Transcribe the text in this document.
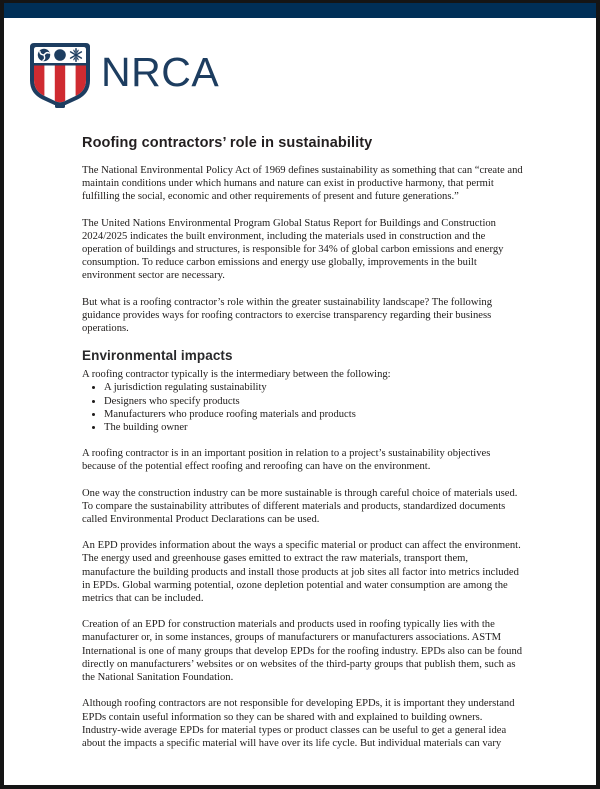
NRCA
Roofing contractors’ role in sustainability

The National Environmental Policy Act of 1969 defines sustainability as something that can “create and maintain conditions under which humans and nature can exist in productive harmony, that permit fulfilling the social, economic and other requirements of present and future generations.”

The United Nations Environmental Program Global Status Report for Buildings and Construction 2024/2025 indicates the built environment, including the materials used in construction and the operation of buildings and structures, is responsible for 34% of global carbon emissions and energy consumption. To reduce carbon emissions and energy use globally, improvements in the built environment sector are necessary.

But what is a roofing contractor’s role within the greater sustainability landscape? The following guidance provides ways for roofing contractors to exercise transparency regarding their business operations.

Environmental impacts

A roofing contractor typically is the intermediary between the following:

• A jurisdiction regulating sustainability
• Designers who specify products
• Manufacturers who produce roofing materials and products
• The building owner

A roofing contractor is in an important position in relation to a project’s sustainability objectives because of the potential effect roofing and reroofing can have on the environment.

One way the construction industry can be more sustainable is through careful choice of materials used. To compare the sustainability attributes of different materials and products, standardized documents called Environmental Product Declarations can be used.

An EPD provides information about the ways a specific material or product can affect the environment. The energy used and greenhouse gases emitted to extract the raw materials, transport them, manufacture the building products and install those products at job sites all factor into metrics included in EPDs. Global warming potential, ozone depletion potential and water consumption are among the metrics that can be included.

Creation of an EPD for construction materials and products used in roofing typically lies with the manufacturer or, in some instances, groups of manufacturers or manufacturers associations. ASTM International is one of many groups that develop EPDs for the roofing industry. EPDs also can be found directly on manufacturers’ websites or on websites of the third-party groups that publish them, such as the National Sanitation Foundation.

Although roofing contractors are not responsible for developing EPDs, it is important they understand EPDs contain useful information so they can be shared with and explained to building owners. Industry-wide average EPDs for material types or product classes can be useful to get a general idea about the impacts a specific material will have over its life cycle. But individual materials can vary
